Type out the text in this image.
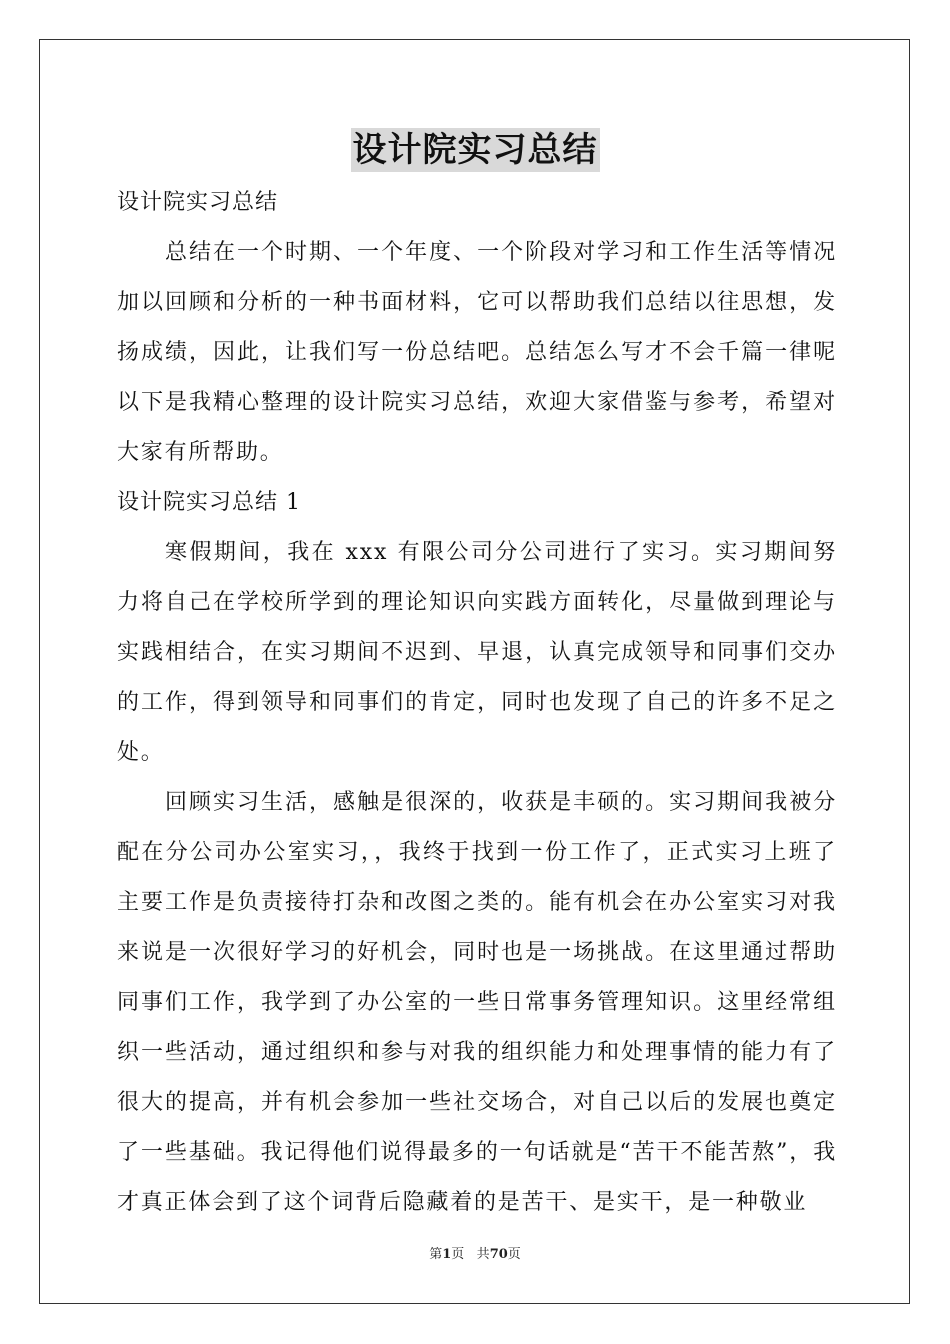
设计院实习总结

设计院实习总结

总结在一个时期、一个年度、一个阶段对学习和工作生活等情况加以回顾和分析的一种书面材料，它可以帮助我们总结以往思想，发扬成绩，因此，让我们写一份总结吧。总结怎么写才不会千篇一律呢以下是我精心整理的设计院实习总结，欢迎大家借鉴与参考，希望对大家有所帮助。

设计院实习总结 1

寒假期间，我在 xxx 有限公司分公司进行了实习。实习期间努力将自己在学校所学到的理论知识向实践方面转化，尽量做到理论与实践相结合，在实习期间不迟到、早退，认真完成领导和同事们交办的工作，得到领导和同事们的肯定，同时也发现了自己的许多不足之处。

回顾实习生活，感触是很深的，收获是丰硕的。实习期间我被分配在分公司办公室实习，，我终于找到一份工作了，正式实习上班了主要工作是负责接待打杂和改图之类的。能有机会在办公室实习对我来说是一次很好学习的好机会，同时也是一场挑战。在这里通过帮助同事们工作，我学到了办公室的一些日常事务管理知识。这里经常组织一些活动，通过组织和参与对我的组织能力和处理事情的能力有了很大的提高，并有机会参加一些社交场合，对自己以后的发展也奠定了一些基础。我记得他们说得最多的一句话就是“苦干不能苦熬”，我才真正体会到了这个词背后隐藏着的是苦干、是实干，是一种敬业

第1页 共70页
